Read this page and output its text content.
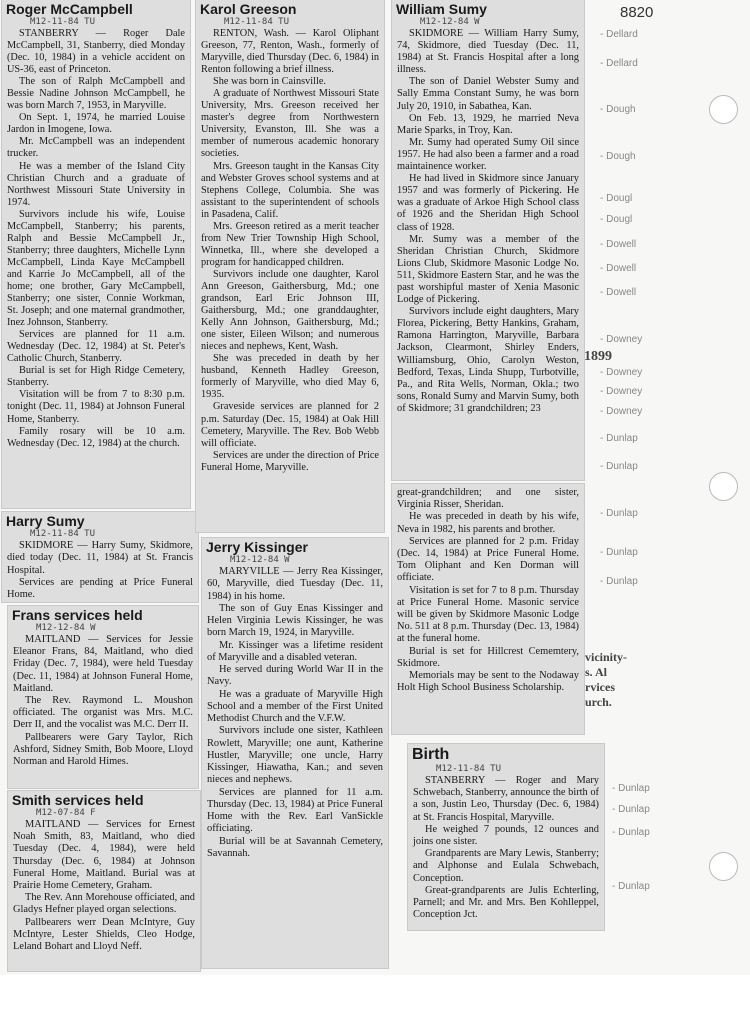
8820
- Dellard
- Dellard
- Dough
- Dough
- Dougl
- Dougl
- Dowell
- Dowell
- Dowell
- Downey
- Downey
- Downey
- Downey
- Dunlap
- Dunlap
- Dunlap
- Dunlap
- Dunlap
- Dunlap
- Dunlap
- Dunlap
- Dunlap
1899
vicinity-
s. Al
rvices
urch.
Roger McCampbell
M12-11-84 TU

STANBERRY — Roger Dale McCampbell, 31, Stanberry, died Monday (Dec. 10, 1984) in a vehicle accident on US-36, east of Princeton.

The son of Ralph McCampbell and Bessie Nadine Johnson McCampbell, he was born March 7, 1953, in Maryville.

On Sept. 1, 1974, he married Louise Jardon in Imogene, Iowa.

Mr. McCampbell was an independent trucker.

He was a member of the Island City Christian Church and a graduate of Northwest Missouri State University in 1974.

Survivors include his wife, Louise McCampbell, Stanberry; his parents, Ralph and Bessie McCampbell Jr., Stanberry; three daughters, Michelle Lynn McCampbell, Linda Kaye McCampbell and Karrie Jo McCampbell, all of the home; one brother, Gary McCampbell, Stanberry; one sister, Connie Workman, St. Joseph; and one maternal grandmother, Inez Johnson, Stanberry.

Services are planned for 11 a.m. Wednesday (Dec. 12, 1984) at St. Peter's Catholic Church, Stanberry.

Burial is set for High Ridge Cemetery, Stanberry.

Visitation will be from 7 to 8:30 p.m. tonight (Dec. 11, 1984) at Johnson Funeral Home, Stanberry.

Family rosary will be 10 a.m. Wednesday (Dec. 12, 1984) at the church.

Harry Sumy
M12-11-84 TU

SKIDMORE — Harry Sumy, Skidmore, died today (Dec. 11, 1984) at St. Francis Hospital.

Services are pending at Price Funeral Home.

Frans services held
M12-12-84 W

MAITLAND — Services for Jessie Eleanor Frans, 84, Maitland, who died Friday (Dec. 7, 1984), were held Tuesday (Dec. 11, 1984) at Johnson Funeral Home, Maitland.

The Rev. Raymond L. Moushon officiated. The organist was Mrs. M.C. Derr II, and the vocalist was M.C. Derr II.

Pallbearers were Gary Taylor, Rich Ashford, Sidney Smith, Bob Moore, Lloyd Norman and Harold Himes.

Smith services held
M12-07-84 F

MAITLAND — Services for Ernest Noah Smith, 83, Maitland, who died Tuesday (Dec. 4, 1984), were held Thursday (Dec. 6, 1984) at Johnson Funeral Home, Maitland. Burial was at Prairie Home Cemetery, Graham.

The Rev. Ann Morehouse officiated, and Gladys Hefner played organ selections.

Pallbearers werr Dean McIntyre, Guy McIntyre, Lester Shields, Cleo Hodge, Leland Bohart and Lloyd Neff.

Karol Greeson
M12-11-84 TU

RENTON, Wash. — Karol Oliphant Greeson, 77, Renton, Wash., formerly of Maryville, died Thursday (Dec. 6, 1984) in Renton following a brief illness.

She was born in Cainsville.

A graduate of Northwest Missouri State University, Mrs. Greeson received her master's degree from Northwestern University, Evanston, Ill. She was a member of numerous academic honorary societies.

Mrs. Greeson taught in the Kansas City and Webster Groves school systems and at Stephens College, Columbia. She was assistant to the superintendent of schools in Pasadena, Calif.

Mrs. Greeson retired as a merit teacher from New Trier Township High School, Winnetka, Ill., where she developed a program for handicapped children.

Survivors include one daughter, Karol Ann Greeson, Gaithersburg, Md.; one grandson, Earl Eric Johnson III, Gaithersburg, Md.; one granddaughter, Kelly Ann Johnson, Gaithersburg, Md.; one sister, Eileen Wilson; and numerous nieces and nephews, Kent, Wash.

She was preceded in death by her husband, Kenneth Hadley Greeson, formerly of Maryville, who died May 6, 1935.

Graveside services are planned for 2 p.m. Saturday (Dec. 15, 1984) at Oak Hill Cemetery, Maryville. The Rev. Bob Webb will officiate.

Services are under the direction of Price Funeral Home, Maryville.

Jerry Kissinger
M12-12-84 W

MARYVILLE — Jerry Rea Kissinger, 60, Maryville, died Tuesday (Dec. 11, 1984) in his home.

The son of Guy Enas Kissinger and Helen Virginia Lewis Kissinger, he was born March 19, 1924, in Maryville.

Mr. Kissinger was a lifetime resident of Maryville and a disabled veteran.

He served during World War II in the Navy.

He was a graduate of Maryville High School and a member of the First United Methodist Church and the V.F.W.

Survivors include one sister, Kathleen Rowlett, Maryville; one aunt, Katherine Hustler, Maryville; one uncle, Harry Kissinger, Hiawatha, Kan.; and seven nieces and nephews.

Services are planned for 11 a.m. Thursday (Dec. 13, 1984) at Price Funeral Home with the Rev. Earl VanSickle officiating.

Burial will be at Savannah Cemetery, Savannah.

William Sumy
M12-12-84 W

SKIDMORE — William Harry Sumy, 74, Skidmore, died Tuesday (Dec. 11, 1984) at St. Francis Hospital after a long illness.

The son of Daniel Webster Sumy and Sally Emma Constant Sumy, he was born July 20, 1910, in Sabathea, Kan.

On Feb. 13, 1929, he married Neva Marie Sparks, in Troy, Kan.

Mr. Sumy had operated Sumy Oil since 1957. He had also been a farmer and a road maintainence worker.

He had lived in Skidmore since January 1957 and was formerly of Pickering. He was a graduate of Arkoe High School class of 1926 and the Sheridan High School class of 1928.

Mr. Sumy was a member of the Sheridan Christian Church, Skidmore Lions Club, Skidmore Masonic Lodge No. 511, Skidmore Eastern Star, and he was the past worshipful master of Xenia Masonic Lodge of Pickering.

Survivors include eight daughters, Mary Florea, Pickering, Betty Hankins, Graham, Ramona Harrington, Maryville, Barbara Jackson, Clearmont, Shirley Enders, Williamsburg, Ohio, Carolyn Weston, Bedford, Texas, Linda Shupp, Turbotville, Pa., and Rita Wells, Norman, Okla.; two sons, Ronald Sumy and Marvin Sumy, both of Skidmore; 31 grandchildren; 23

great-grandchildren; and one sister, Virginia Risser, Sheridan.

He was preceded in death by his wife, Neva in 1982, his parents and brother.

Services are planned for 2 p.m. Friday (Dec. 14, 1984) at Price Funeral Home. Tom Oliphant and Ken Dorman will officiate.

Visitation is set for 7 to 8 p.m. Thursday at Price Funeral Home. Masonic service will be given by Skidmore Masonic Lodge No. 511 at 8 p.m. Thursday (Dec. 13, 1984) at the funeral home.

Burial is set for Hillcrest Cememtery, Skidmore.

Memorials may be sent to the Nodaway Holt High School Business Scholarship.

Birth
M12-11-84 TU

STANBERRY — Roger and Mary Schwebach, Stanberry, announce the birth of a son, Justin Leo, Thursday (Dec. 6, 1984) at St. Francis Hospital, Maryville.

He weighed 7 pounds, 12 ounces and joins one sister.

Grandparents are Mary Lewis, Stanberry; and Alphonse and Eulala Schwebach, Conception.

Great-grandparents are Julis Echterling, Parnell; and Mr. and Mrs. Ben Kohlleppel, Conception Jct.
